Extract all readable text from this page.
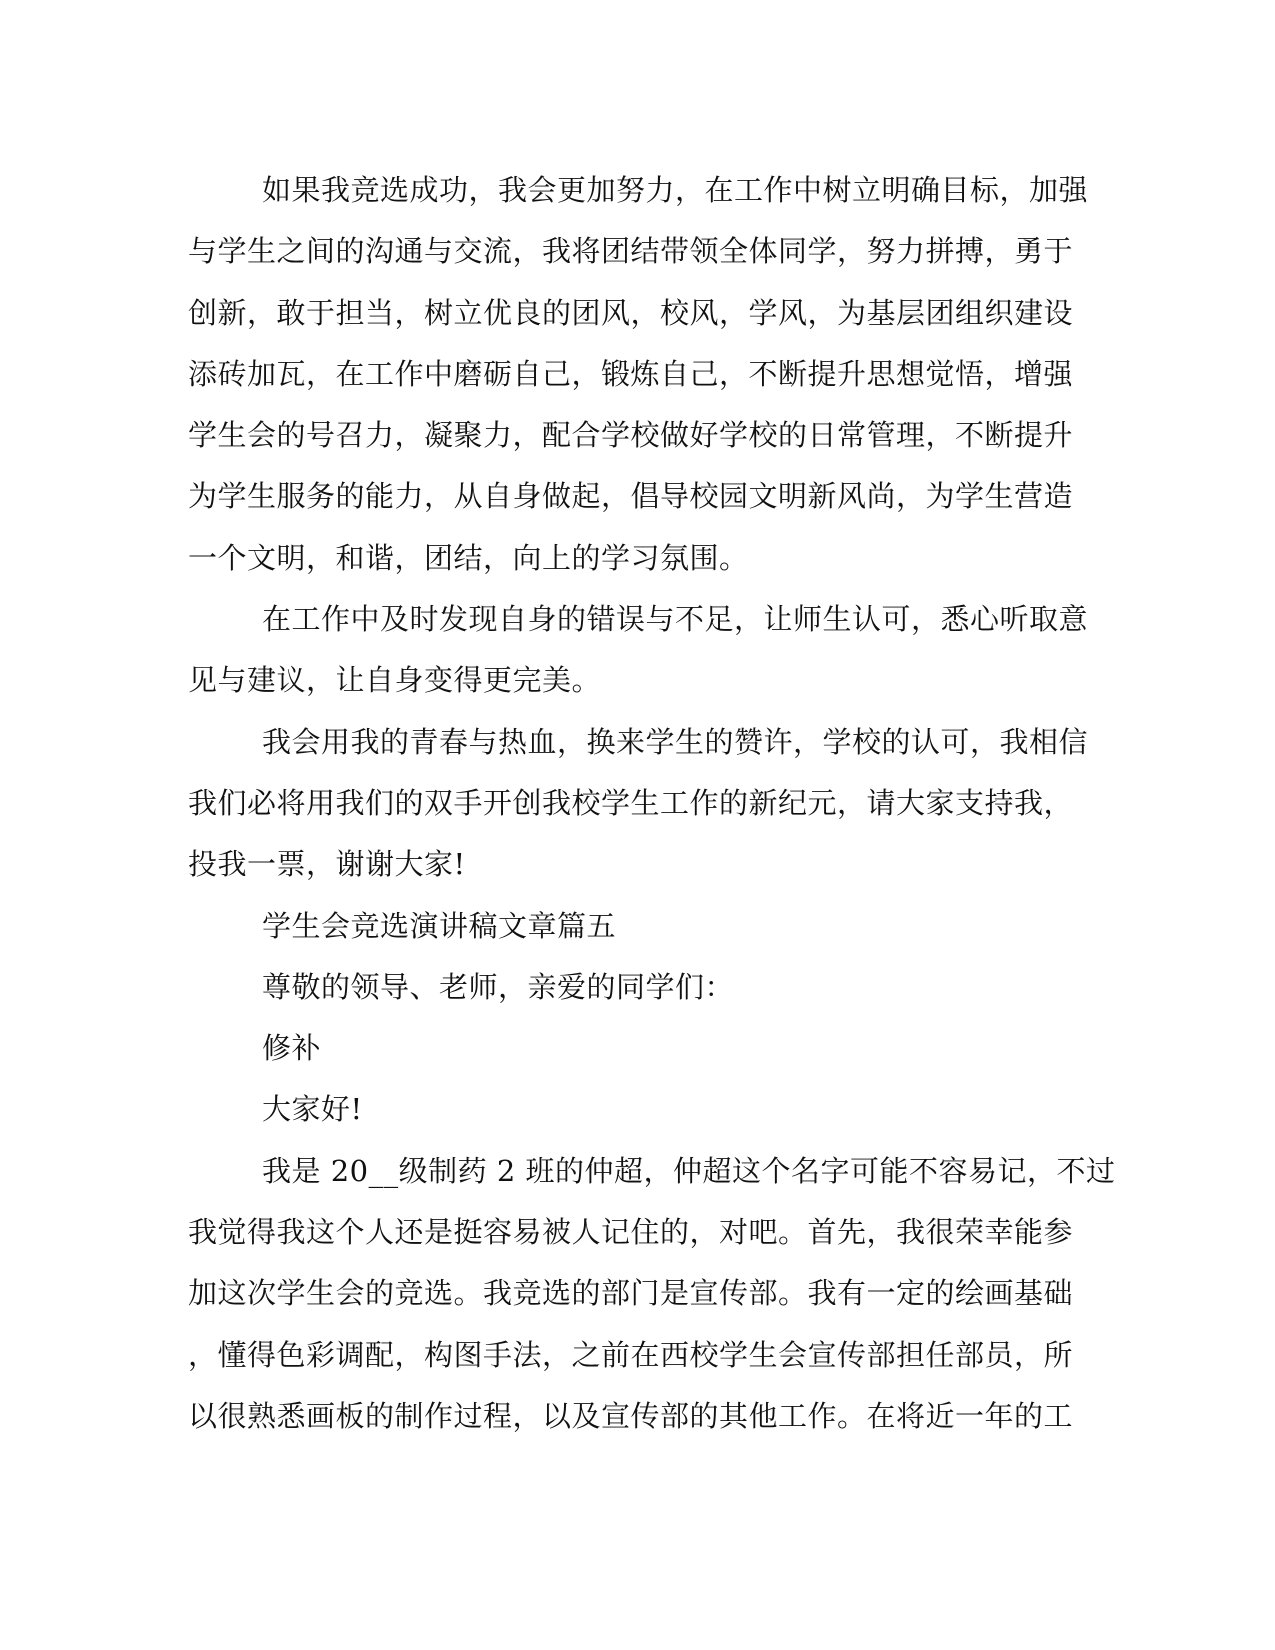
如果我竞选成功，我会更加努力，在工作中树立明确目标，加强
与学生之间的沟通与交流，我将团结带领全体同学，努力拼搏，勇于
创新，敢于担当，树立优良的团风，校风，学风，为基层团组织建设
添砖加瓦，在工作中磨砺自己，锻炼自己，不断提升思想觉悟，增强
学生会的号召力，凝聚力，配合学校做好学校的日常管理，不断提升
为学生服务的能力，从自身做起，倡导校园文明新风尚，为学生营造
一个文明，和谐，团结，向上的学习氛围。
在工作中及时发现自身的错误与不足，让师生认可，悉心听取意
见与建议，让自身变得更完美。
我会用我的青春与热血，换来学生的赞许，学校的认可，我相信
我们必将用我们的双手开创我校学生工作的新纪元，请大家支持我，
投我一票，谢谢大家!
学生会竞选演讲稿文章篇五
尊敬的领导、老师，亲爱的同学们：
修补
大家好!
我是 20__级制药 2 班的仲超，仲超这个名字可能不容易记，不过
我觉得我这个人还是挺容易被人记住的，对吧。首先，我很荣幸能参
加这次学生会的竞选。我竞选的部门是宣传部。我有一定的绘画基础
，懂得色彩调配，构图手法，之前在西校学生会宣传部担任部员，所
以很熟悉画板的制作过程，以及宣传部的其他工作。在将近一年的工
